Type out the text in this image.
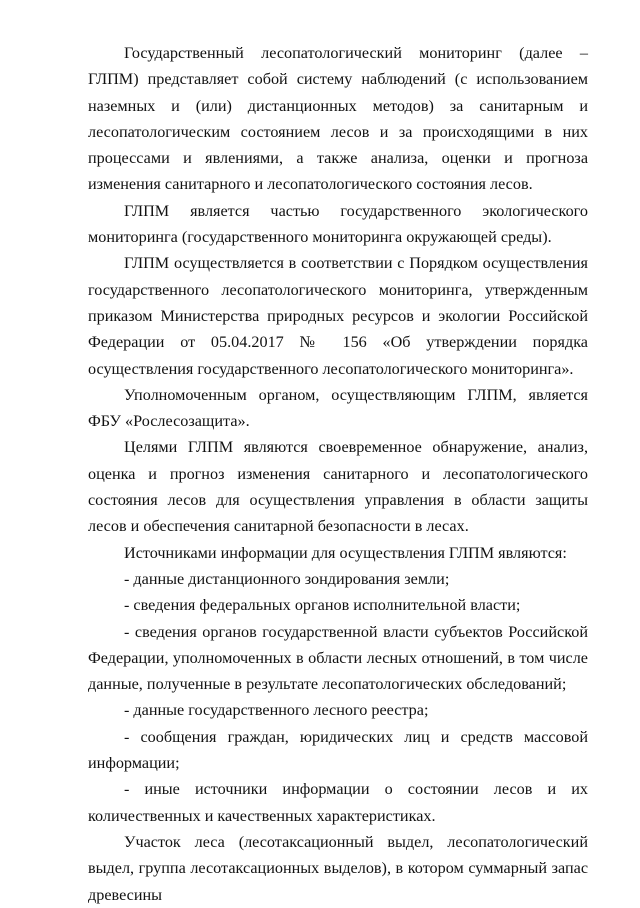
Государственный лесопатологический мониторинг (далее – ГЛПМ) представляет собой систему наблюдений (с использованием наземных и (или) дистанционных методов) за санитарным и лесопатологическим состоянием лесов и за происходящими в них процессами и явлениями, а также анализа, оценки и прогноза изменения санитарного и лесопатологического состояния лесов.

ГЛПМ является частью государственного экологического мониторинга (государственного мониторинга окружающей среды).

ГЛПМ осуществляется в соответствии с Порядком осуществления государственного лесопатологического мониторинга, утвержденным приказом Министерства природных ресурсов и экологии Российской Федерации от 05.04.2017 № 156 «Об утверждении порядка осуществления государственного лесопатологического мониторинга».

Уполномоченным органом, осуществляющим ГЛПМ, является ФБУ «Рослесозащита».

Целями ГЛПМ являются своевременное обнаружение, анализ, оценка и прогноз изменения санитарного и лесопатологического состояния лесов для осуществления управления в области защиты лесов и обеспечения санитарной безопасности в лесах.

Источниками информации для осуществления ГЛПМ являются:

- данные дистанционного зондирования земли;

- сведения федеральных органов исполнительной власти;

- сведения органов государственной власти субъектов Российской Федерации, уполномоченных в области лесных отношений, в том числе данные, полученные в результате лесопатологических обследований;

- данные государственного лесного реестра;

- сообщения граждан, юридических лиц и средств массовой информации;

- иные источники информации о состоянии лесов и их количественных и качественных характеристиках.

Участок леса (лесотаксационный выдел, лесопатологический выдел, группа лесотаксационных выделов), в котором суммарный запас древесины
